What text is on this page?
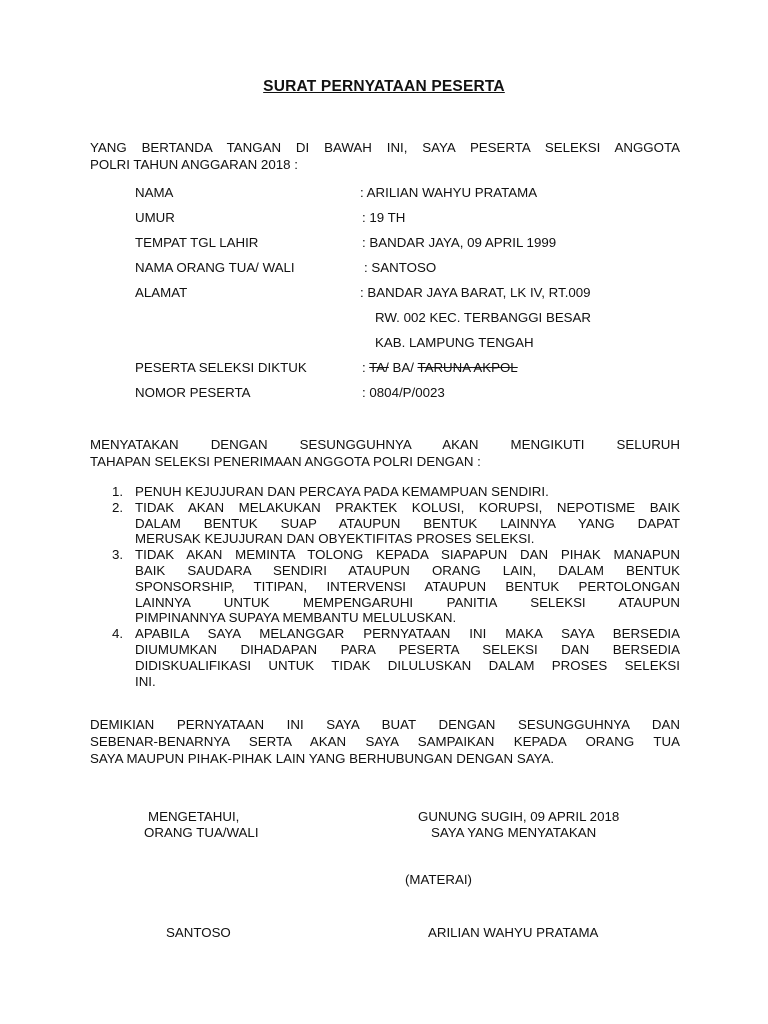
SURAT PERNYATAAN PESERTA
YANG BERTANDA TANGAN DI BAWAH INI, SAYA PESERTA SELEKSI ANGGOTA
POLRI TAHUN ANGGARAN 2018 :
NAMA	: ARILIAN WAHYU PRATAMA
UMUR	: 19 TH
TEMPAT TGL LAHIR	: BANDAR JAYA, 09 APRIL 1999
NAMA ORANG TUA/ WALI	: SANTOSO
ALAMAT	: BANDAR JAYA BARAT, LK IV, RT.009
RW. 002 KEC. TERBANGGI BESAR
KAB. LAMPUNG TENGAH
PESERTA SELEKSI DIKTUK	: TA/ BA/ TARUNA AKPOL
NOMOR PESERTA	: 0804/P/0023
MENYATAKAN DENGAN SESUNGGUHNYA AKAN MENGIKUTI SELURUH
TAHAPAN SELEKSI PENERIMAAN ANGGOTA POLRI DENGAN :
1. PENUH KEJUJURAN DAN PERCAYA PADA KEMAMPUAN SENDIRI.
2. TIDAK AKAN MELAKUKAN PRAKTEK KOLUSI, KORUPSI, NEPOTISME BAIK
DALAM BENTUK SUAP ATAUPUN BENTUK LAINNYA YANG DAPAT
MERUSAK KEJUJURAN DAN OBYEKTIFITAS PROSES SELEKSI.
3. TIDAK AKAN MEMINTA TOLONG KEPADA SIAPAPUN DAN PIHAK MANAPUN
BAIK SAUDARA SENDIRI ATAUPUN ORANG LAIN, DALAM BENTUK
SPONSORSHIP, TITIPAN, INTERVENSI ATAUPUN BENTUK PERTOLONGAN
LAINNYA UNTUK MEMPENGARUHI PANITIA SELEKSI ATAUPUN
PIMPINANNYA SUPAYA MEMBANTU MELULUSKAN.
4. APABILA SAYA MELANGGAR PERNYATAAN INI MAKA SAYA BERSEDIA
DIUMUMKAN DIHADAPAN PARA PESERTA SELEKSI DAN BERSEDIA
DIDISKUALIFIKASI UNTUK TIDAK DILULUSKAN DALAM PROSES SELEKSI
INI.
DEMIKIAN PERNYATAAN INI SAYA BUAT DENGAN SESUNGGUHNYA DAN
SEBENAR-BENARNYA SERTA AKAN SAYA SAMPAIKAN KEPADA ORANG TUA
SAYA MAUPUN PIHAK-PIHAK LAIN YANG BERHUBUNGAN DENGAN SAYA.
MENGETAHUI,
ORANG TUA/WALI
GUNUNG SUGIH, 09 APRIL 2018
SAYA YANG MENYATAKAN
(MATERAI)
SANTOSO	ARILIAN WAHYU PRATAMA
